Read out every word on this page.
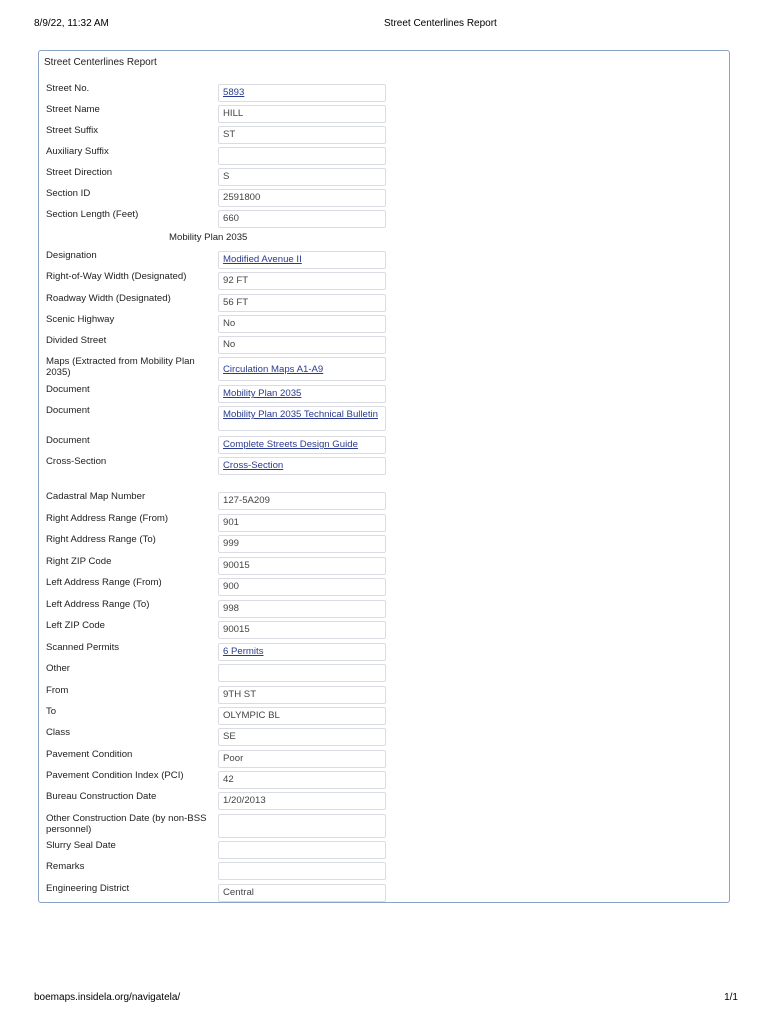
8/9/22, 11:32 AM	Street Centerlines Report
Street Centerlines Report
Street No.	5893
Street Name	HILL
Street Suffix	ST
Auxiliary Suffix
Street Direction	S
Section ID	2591800
Section Length (Feet)	660
Mobility Plan 2035
Designation	Modified Avenue II
Right-of-Way Width (Designated)	92 FT
Roadway Width (Designated)	56 FT
Scenic Highway	No
Divided Street	No
Maps (Extracted from Mobility Plan 2035)	Circulation Maps A1-A9
Document	Mobility Plan 2035
Document	Mobility Plan 2035 Technical Bulletin
Document	Complete Streets Design Guide
Cross-Section	Cross-Section
Cadastral Map Number	127-5A209
Right Address Range (From)	901
Right Address Range (To)	999
Right ZIP Code	90015
Left Address Range (From)	900
Left Address Range (To)	998
Left ZIP Code	90015
Scanned Permits	6 Permits
Other
From	9TH ST
To	OLYMPIC BL
Class	SE
Pavement Condition	Poor
Pavement Condition Index (PCI)	42
Bureau Construction Date	1/20/2013
Other Construction Date (by non-BSS personnel)
Slurry Seal Date
Remarks
Engineering District	Central
boemaps.insidela.org/navigatela/	1/1
